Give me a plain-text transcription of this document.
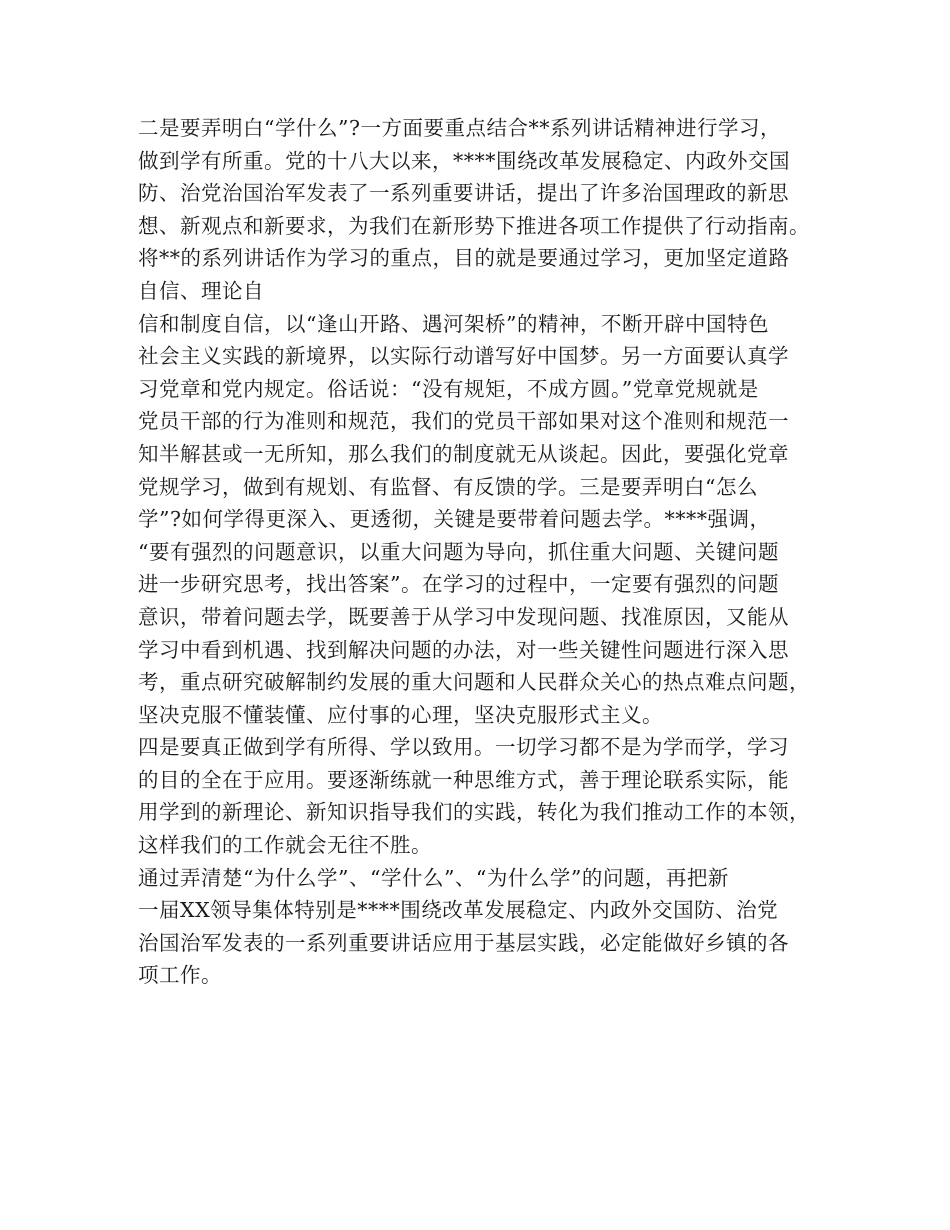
二是要弄明白“学什么”?一方面要重点结合**系列讲话精神进行学习，
做到学有所重。党的十八大以来，****围绕改革发展稳定、内政外交国
防、治党治国治军发表了一系列重要讲话，提出了许多治国理政的新思
想、新观点和新要求，为我们在新形势下推进各项工作提供了行动指南。
将**的系列讲话作为学习的重点，目的就是要通过学习，更加坚定道路
自信、理论自
信和制度自信，以“逢山开路、遇河架桥”的精神，不断开辟中国特色
社会主义实践的新境界，以实际行动谱写好中国梦。另一方面要认真学
习党章和党内规定。俗话说：“没有规矩，不成方圆。”党章党规就是
党员干部的行为准则和规范，我们的党员干部如果对这个准则和规范一
知半解甚或一无所知，那么我们的制度就无从谈起。因此，要强化党章
党规学习，做到有规划、有监督、有反馈的学。三是要弄明白“怎么
学”?如何学得更深入、更透彻，关键是要带着问题去学。****强调，
“要有强烈的问题意识，以重大问题为导向，抓住重大问题、关键问题
进一步研究思考，找出答案”。在学习的过程中，一定要有强烈的问题
意识，带着问题去学，既要善于从学习中发现问题、找准原因，又能从
学习中看到机遇、找到解决问题的办法，对一些关键性问题进行深入思
考，重点研究破解制约发展的重大问题和人民群众关心的热点难点问题，
坚决克服不懂装懂、应付事的心理，坚决克服形式主义。
四是要真正做到学有所得、学以致用。一切学习都不是为学而学，学习
的目的全在于应用。要逐渐练就一种思维方式，善于理论联系实际，能
用学到的新理论、新知识指导我们的实践，转化为我们推动工作的本领，
这样我们的工作就会无往不胜。
通过弄清楚“为什么学”、“学什么”、“为什么学”的问题，再把新
一届XX领导集体特别是****围绕改革发展稳定、内政外交国防、治党
治国治军发表的一系列重要讲话应用于基层实践，必定能做好乡镇的各
项工作。
